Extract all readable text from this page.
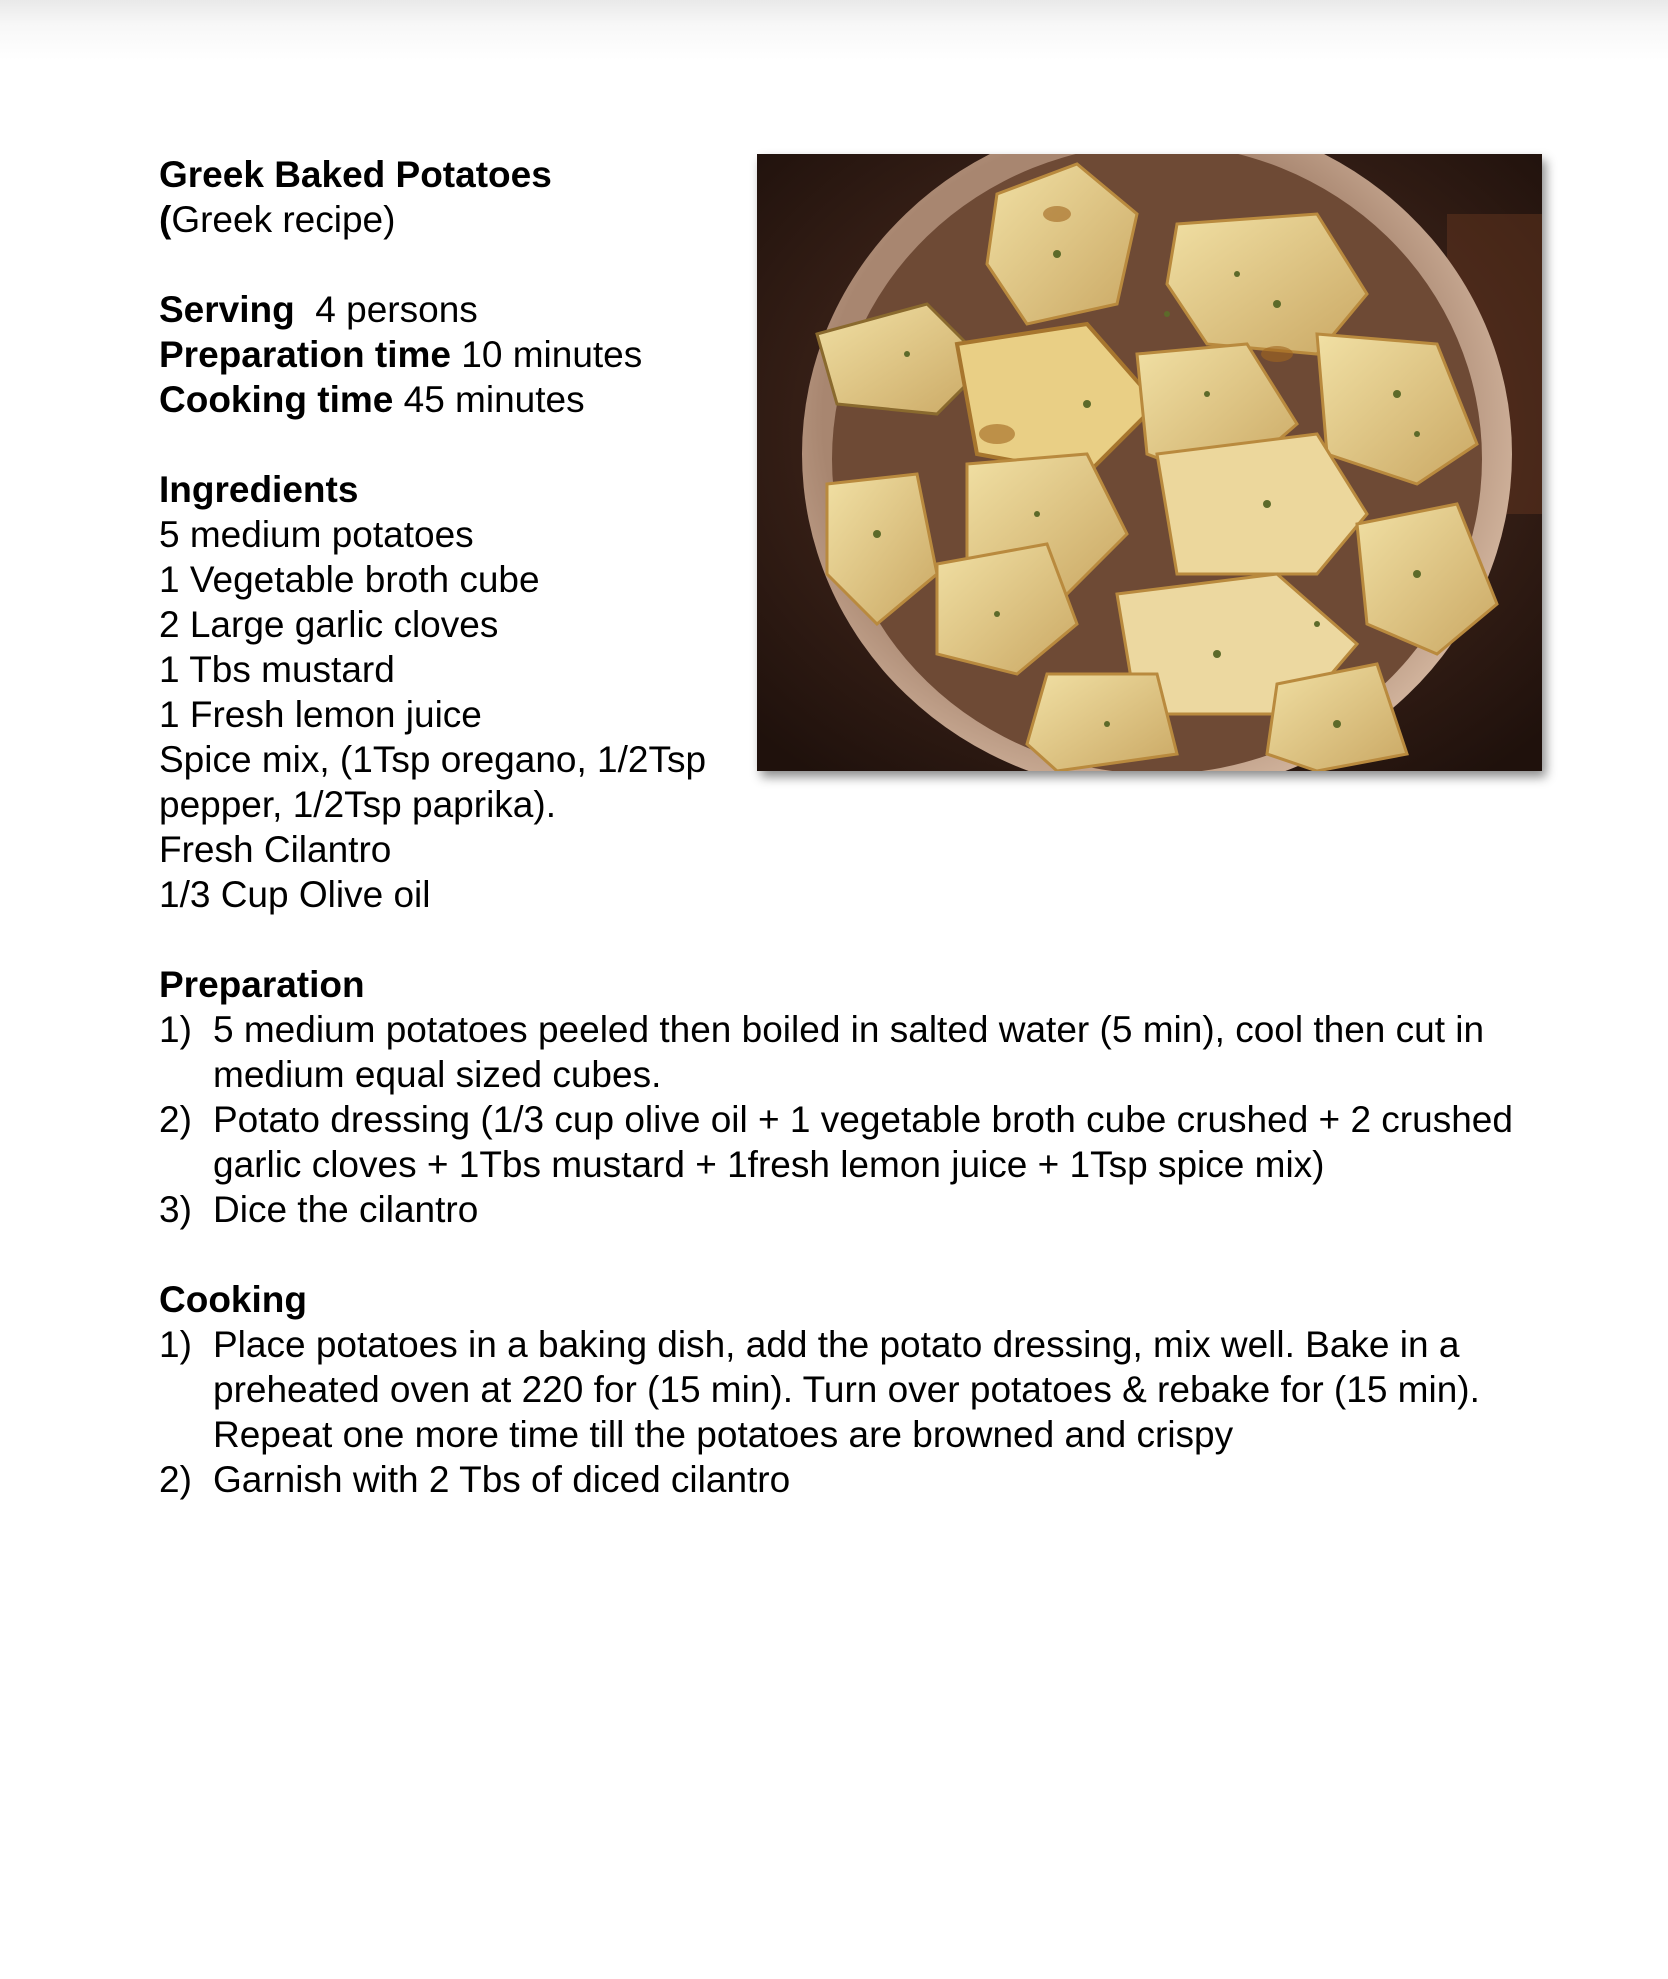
Greek Baked Potatoes
(Greek recipe)
Serving  4 persons
Preparation time 10 minutes
Cooking time 45 minutes
Ingredients
5 medium potatoes
1 Vegetable broth cube
2 Large garlic cloves
1 Tbs mustard
1 Fresh lemon juice
Spice mix, (1Tsp oregano, 1/2Tsp
pepper, 1/2Tsp paprika).
Fresh Cilantro
1/3 Cup Olive oil
Preparation
1) 5 medium potatoes peeled then boiled in salted water (5 min), cool then cut in medium equal sized cubes.
2) Potato dressing (1/3 cup olive oil + 1 vegetable broth cube crushed + 2 crushed garlic cloves + 1Tbs mustard + 1fresh lemon juice + 1Tsp spice mix)
3) Dice the cilantro
Cooking
1) Place potatoes in a baking dish, add the potato dressing, mix well. Bake in a preheated oven at 220 for (15 min). Turn over potatoes & rebake for (15 min). Repeat one more time till the potatoes are browned and crispy
2) Garnish with 2 Tbs of diced cilantro
